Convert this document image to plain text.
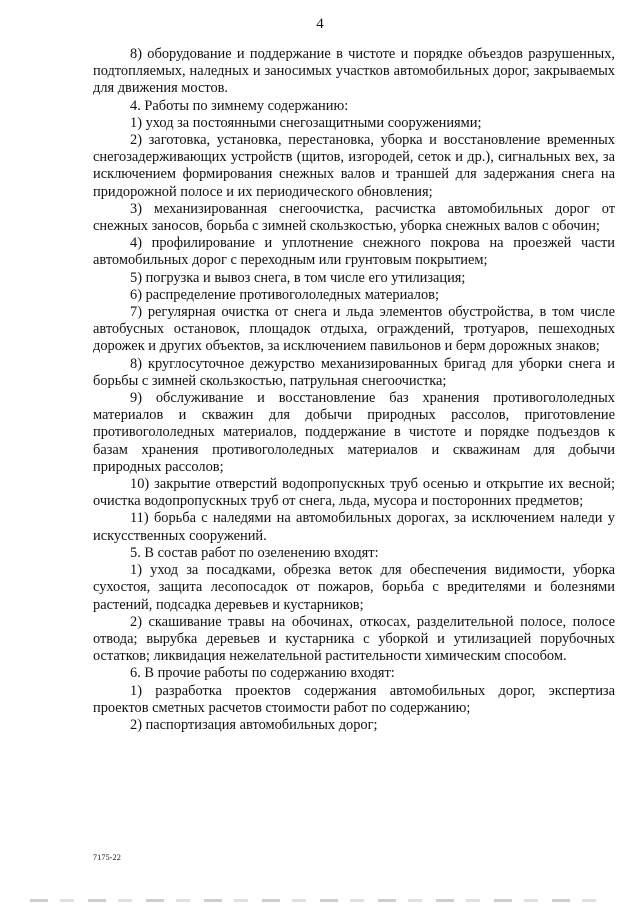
4

8) оборудование и поддержание в чистоте и порядке объездов разрушенных, подтопляемых, наледных и заносимых участков автомобильных дорог, закрываемых для движения мостов.

4. Работы по зимнему содержанию:

1) уход за постоянными снегозащитными сооружениями;

2) заготовка, установка, перестановка, уборка и восстановление временных снегозадерживающих устройств (щитов, изгородей, сеток и др.), сигнальных вех, за исключением формирования снежных валов и траншей для задержания снега на придорожной полосе и их периодического обновления;

3) механизированная снегоочистка, расчистка автомобильных дорог от снежных заносов, борьба с зимней скользкостью, уборка снежных валов с обочин;

4) профилирование и уплотнение снежного покрова на проезжей части автомобильных дорог с переходным или грунтовым покрытием;

5) погрузка и вывоз снега, в том числе его утилизация;

6) распределение противогололедных материалов;

7) регулярная очистка от снега и льда элементов обустройства, в том числе автобусных остановок, площадок отдыха, ограждений, тротуаров, пешеходных дорожек и других объектов, за исключением павильонов и берм дорожных знаков;

8) круглосуточное дежурство механизированных бригад для уборки снега и борьбы с зимней скользкостью, патрульная снегоочистка;

9) обслуживание и восстановление баз хранения противогололедных материалов и скважин для добычи природных рассолов, приготовление противогололедных материалов, поддержание в чистоте и порядке подъездов к базам хранения противогололедных материалов и скважинам для добычи природных рассолов;

10) закрытие отверстий водопропускных труб осенью и открытие их весной; очистка водопропускных труб от снега, льда, мусора и посторонних предметов;

11) борьба с наледями на автомобильных дорогах, за исключением наледи у искусственных сооружений.

5. В состав работ по озеленению входят:

1) уход за посадками, обрезка веток для обеспечения видимости, уборка сухостоя, защита лесопосадок от пожаров, борьба с вредителями и болезнями растений, подсадка деревьев и кустарников;

2) скашивание травы на обочинах, откосах, разделительной полосе, полосе отвода; вырубка деревьев и кустарника с уборкой и утилизацией порубочных остатков; ликвидация нежелательной растительности химическим способом.

6. В прочие работы по содержанию входят:

1) разработка проектов содержания автомобильных дорог, экспертиза проектов сметных расчетов стоимости работ по содержанию;

2) паспортизация автомобильных дорог;

7175-22
